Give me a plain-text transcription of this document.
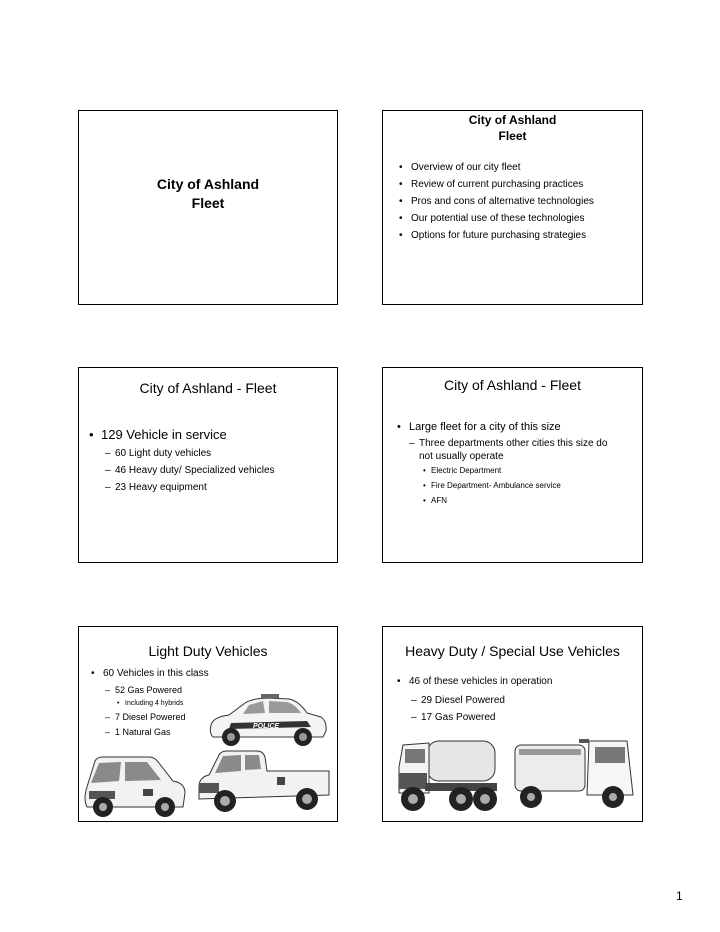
City of Ashland
Fleet
City of Ashland
Fleet
• Overview of our city fleet
• Review of current purchasing practices
• Pros and cons of alternative technologies
• Our potential use of these technologies
• Options for future purchasing strategies
City of Ashland - Fleet
• 129 Vehicle in service
– 60 Light duty vehicles
– 46 Heavy duty/ Specialized vehicles
– 23 Heavy equipment
City of Ashland - Fleet
• Large fleet for a city of this size
– Three departments other cities this size do
not usually operate
• Electric Department
• Fire Department- Ambulance service
• AFN
Light Duty Vehicles
• 60 Vehicles in this class
– 52 Gas Powered
• Including 4 hybrids
– 7 Diesel Powered
– 1 Natural Gas
POLICE
Heavy Duty / Special Use Vehicles
• 46 of these vehicles in operation
– 29 Diesel Powered
– 17 Gas Powered
1
